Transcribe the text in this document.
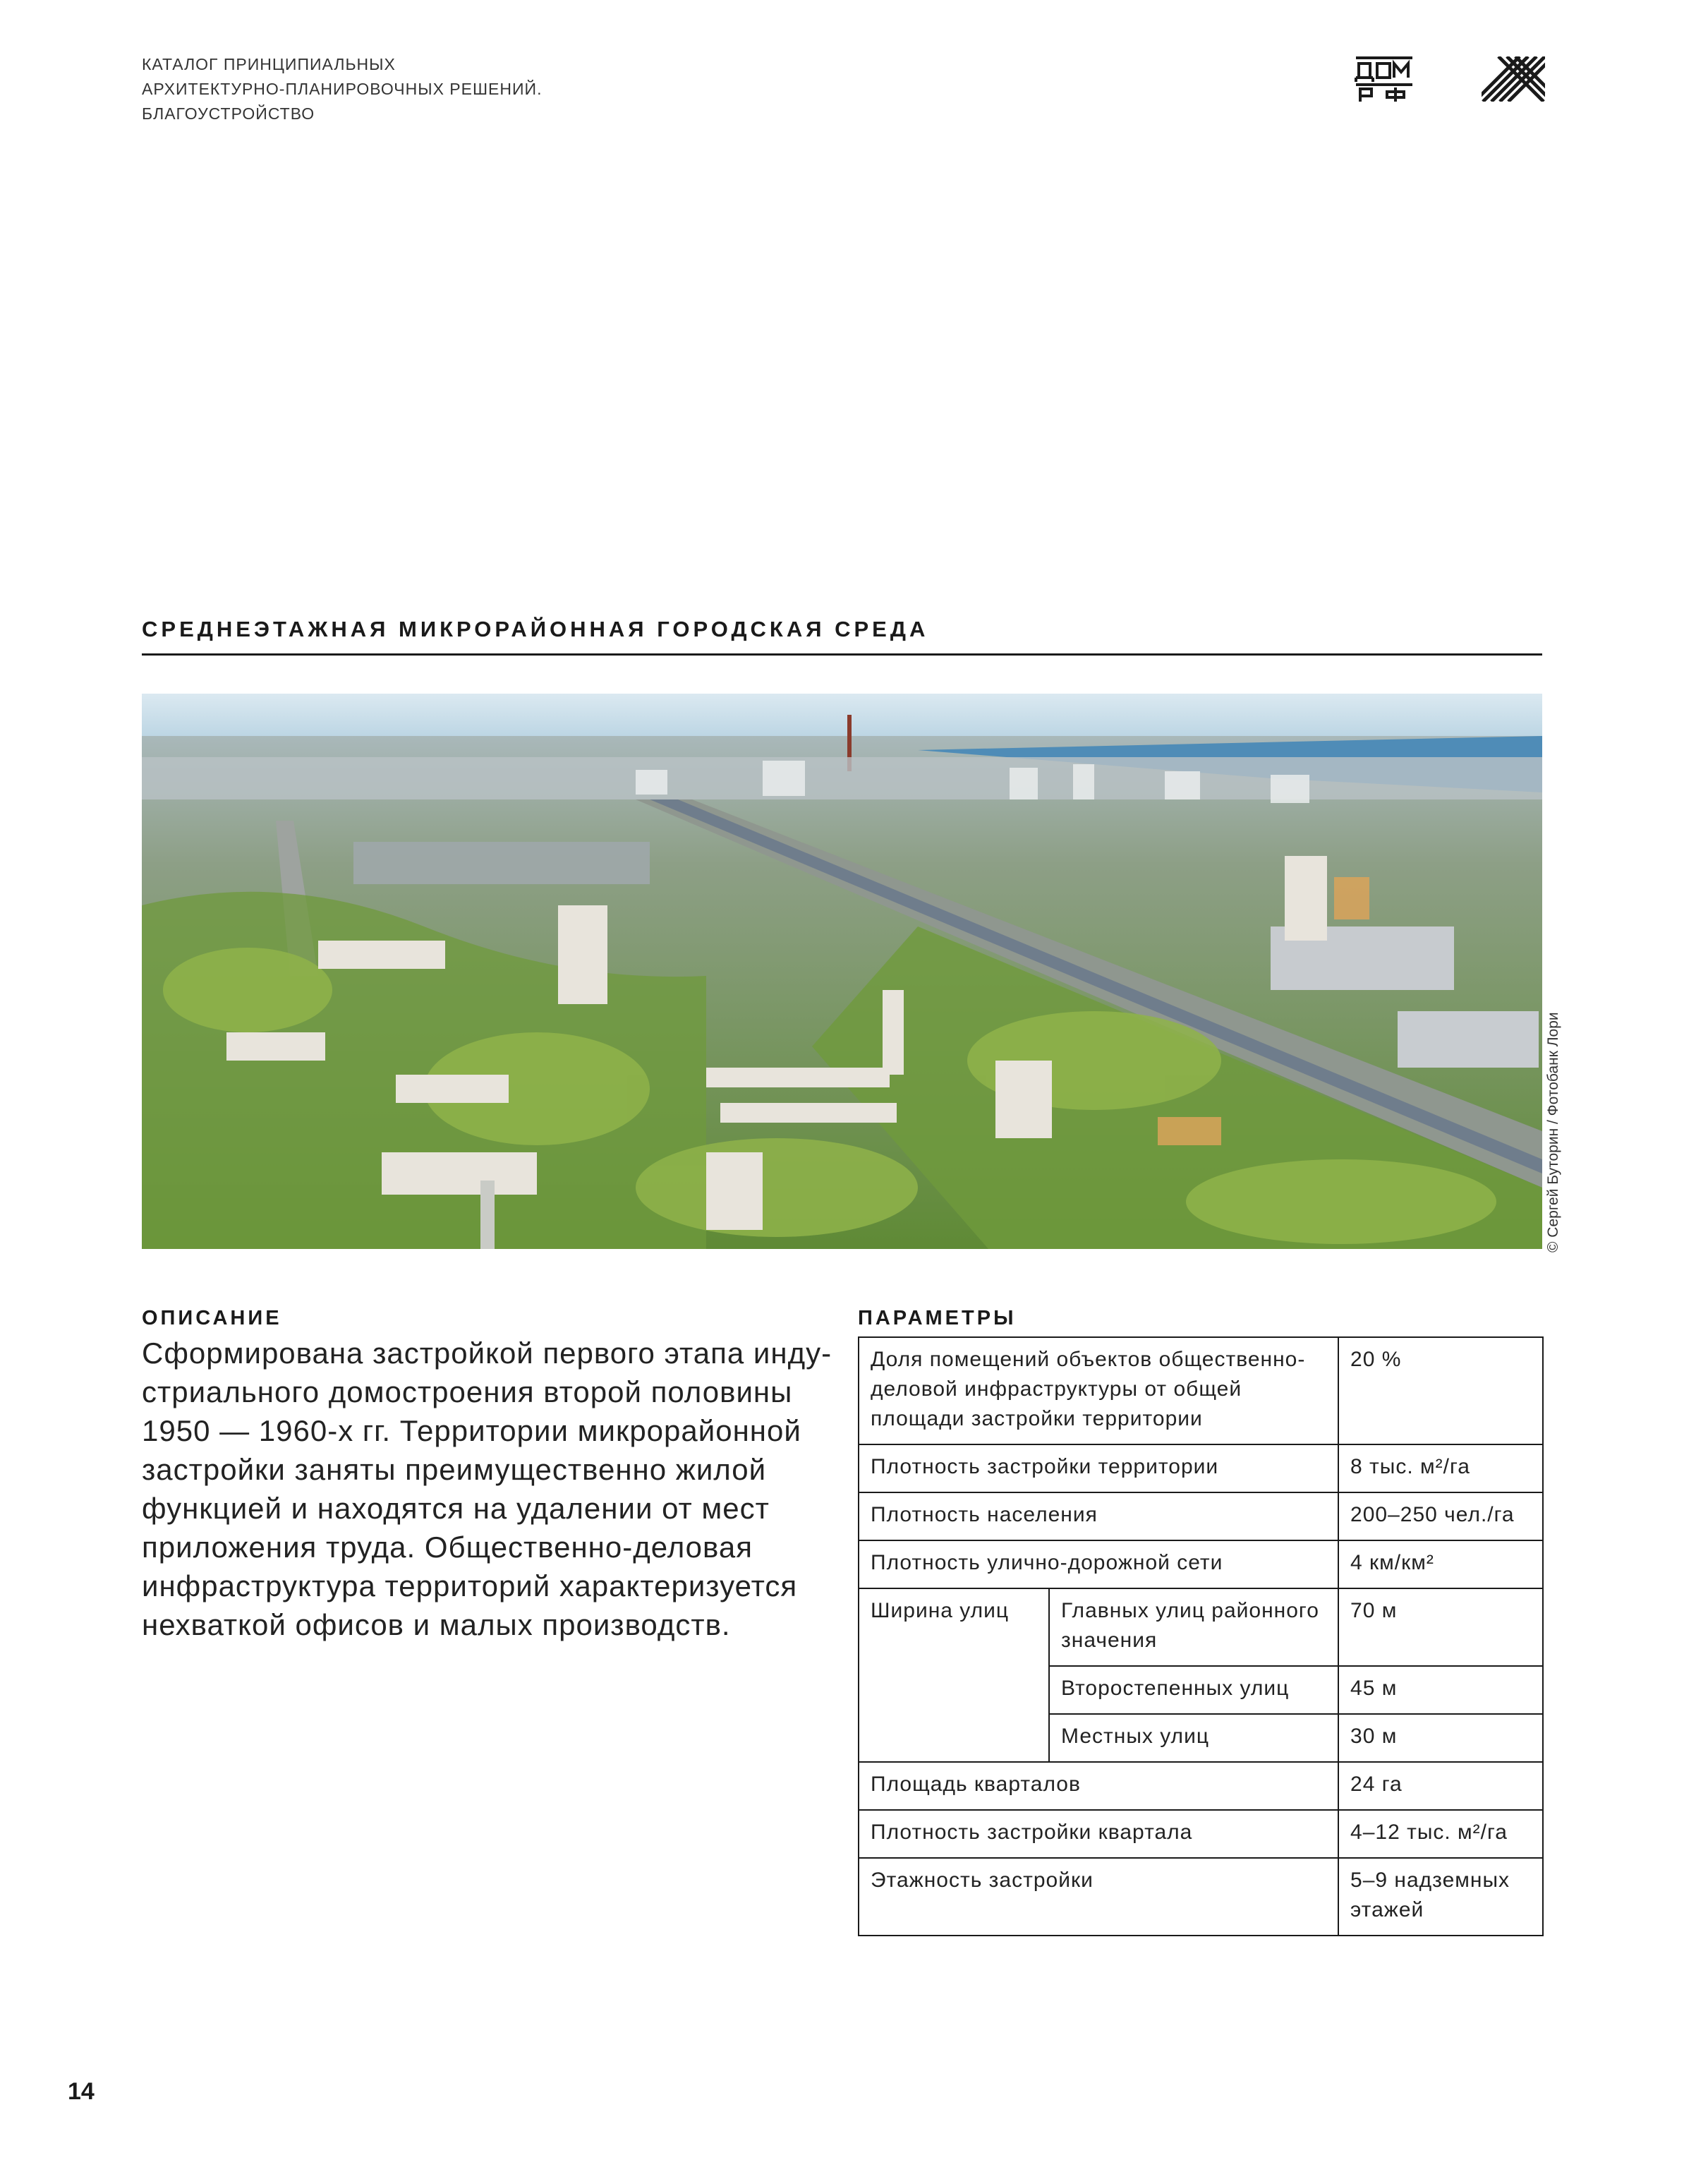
КАТАЛОГ ПРИНЦИПИАЛЬНЫХ
АРХИТЕКТУРНО-ПЛАНИРОВОЧНЫХ РЕШЕНИЙ.
БЛАГОУСТРОЙСТВО
СРЕДНЕЭТАЖНАЯ МИКРОРАЙОННАЯ ГОРОДСКАЯ СРЕДА
© Сергей Буторин / Фотобанк Лори
ОПИСАНИЕ
Сформирована застройкой первого этапа инду-
стриального домостроения второй половины
1950 — 1960-х гг. Территории микрорайонной
застройки заняты преимущественно жилой
функцией и находятся на удалении от мест
приложения труда. Общественно-деловая
инфраструктура территорий характеризуется
нехваткой офисов и малых производств.
ПАРАМЕТРЫ
Доля помещений объектов общественно-деловой инфраструктуры от общей площади застройки территории		20 %
Плотность застройки территории		8 тыс. м²/га
Плотность населения		200–250 чел./га
Плотность улично-дорожной сети		4 км/км²
Ширина улиц	Главных улиц районного значения	70 м
	Второстепенных улиц	45 м
	Местных улиц	30 м
Площадь кварталов		24 га
Плотность застройки квартала		4–12 тыс. м²/га
Этажность застройки		5–9 надземных этажей
14
